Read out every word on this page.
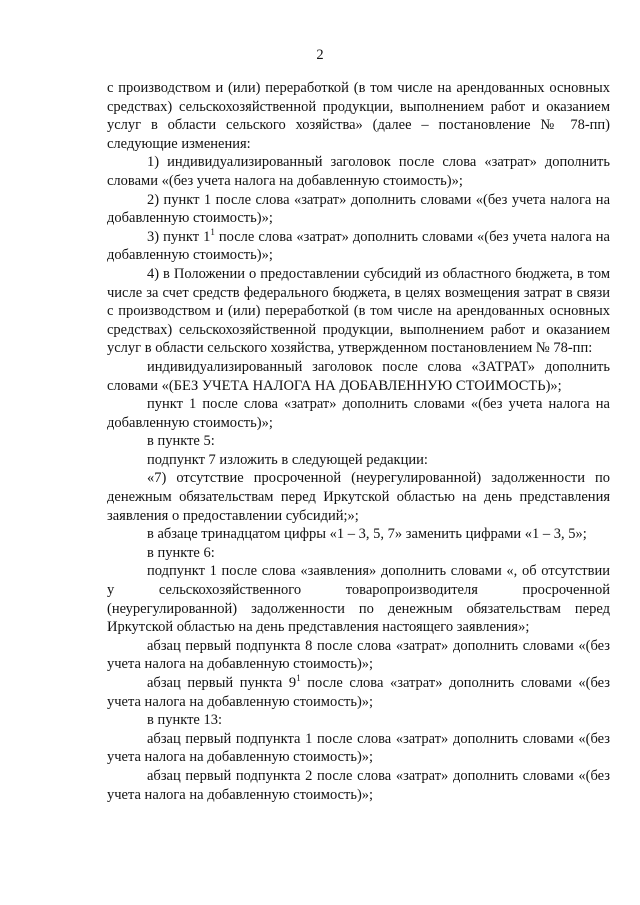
2

с производством и (или) переработкой (в том числе на арендованных основных средствах) сельскохозяйственной продукции, выполнением работ и оказанием услуг в области сельского хозяйства» (далее – постановление № 78-пп) следующие изменения:

1) индивидуализированный заголовок после слова «затрат» дополнить словами «(без учета налога на добавленную стоимость)»;

2) пункт 1 после слова «затрат» дополнить словами «(без учета налога на добавленную стоимость)»;

3) пункт $1^1$ после слова «затрат» дополнить словами «(без учета налога на добавленную стоимость)»;

4) в Положении о предоставлении субсидий из областного бюджета, в том числе за счет средств федерального бюджета, в целях возмещения затрат в связи с производством и (или) переработкой (в том числе на арендованных основных средствах) сельскохозяйственной продукции, выполнением работ и оказанием услуг в области сельского хозяйства, утвержденном постановлением № 78-пп:

индивидуализированный заголовок после слова «ЗАТРАТ» дополнить словами «(БЕЗ УЧЕТА НАЛОГА НА ДОБАВЛЕННУЮ СТОИМОСТЬ)»;

пункт 1 после слова «затрат» дополнить словами «(без учета налога на добавленную стоимость)»;

в пункте 5:

подпункт 7 изложить в следующей редакции:

«7) отсутствие просроченной (неурегулированной) задолженности по денежным обязательствам перед Иркутской областью на день представления заявления о предоставлении субсидий;»;

в абзаце тринадцатом цифры «1 – 3, 5, 7» заменить цифрами «1 – 3, 5»;

в пункте 6:

подпункт 1 после слова «заявления» дополнить словами «, об отсутствии у сельскохозяйственного товаропроизводителя просроченной (неурегулированной) задолженности по денежным обязательствам перед Иркутской областью на день представления настоящего заявления»;

абзац первый подпункта 8 после слова «затрат» дополнить словами «(без учета налога на добавленную стоимость)»;

абзац первый пункта $9^1$ после слова «затрат» дополнить словами «(без учета налога на добавленную стоимость)»;

в пункте 13:

абзац первый подпункта 1 после слова «затрат» дополнить словами «(без учета налога на добавленную стоимость)»;

абзац первый подпункта 2 после слова «затрат» дополнить словами «(без учета налога на добавленную стоимость)»;
